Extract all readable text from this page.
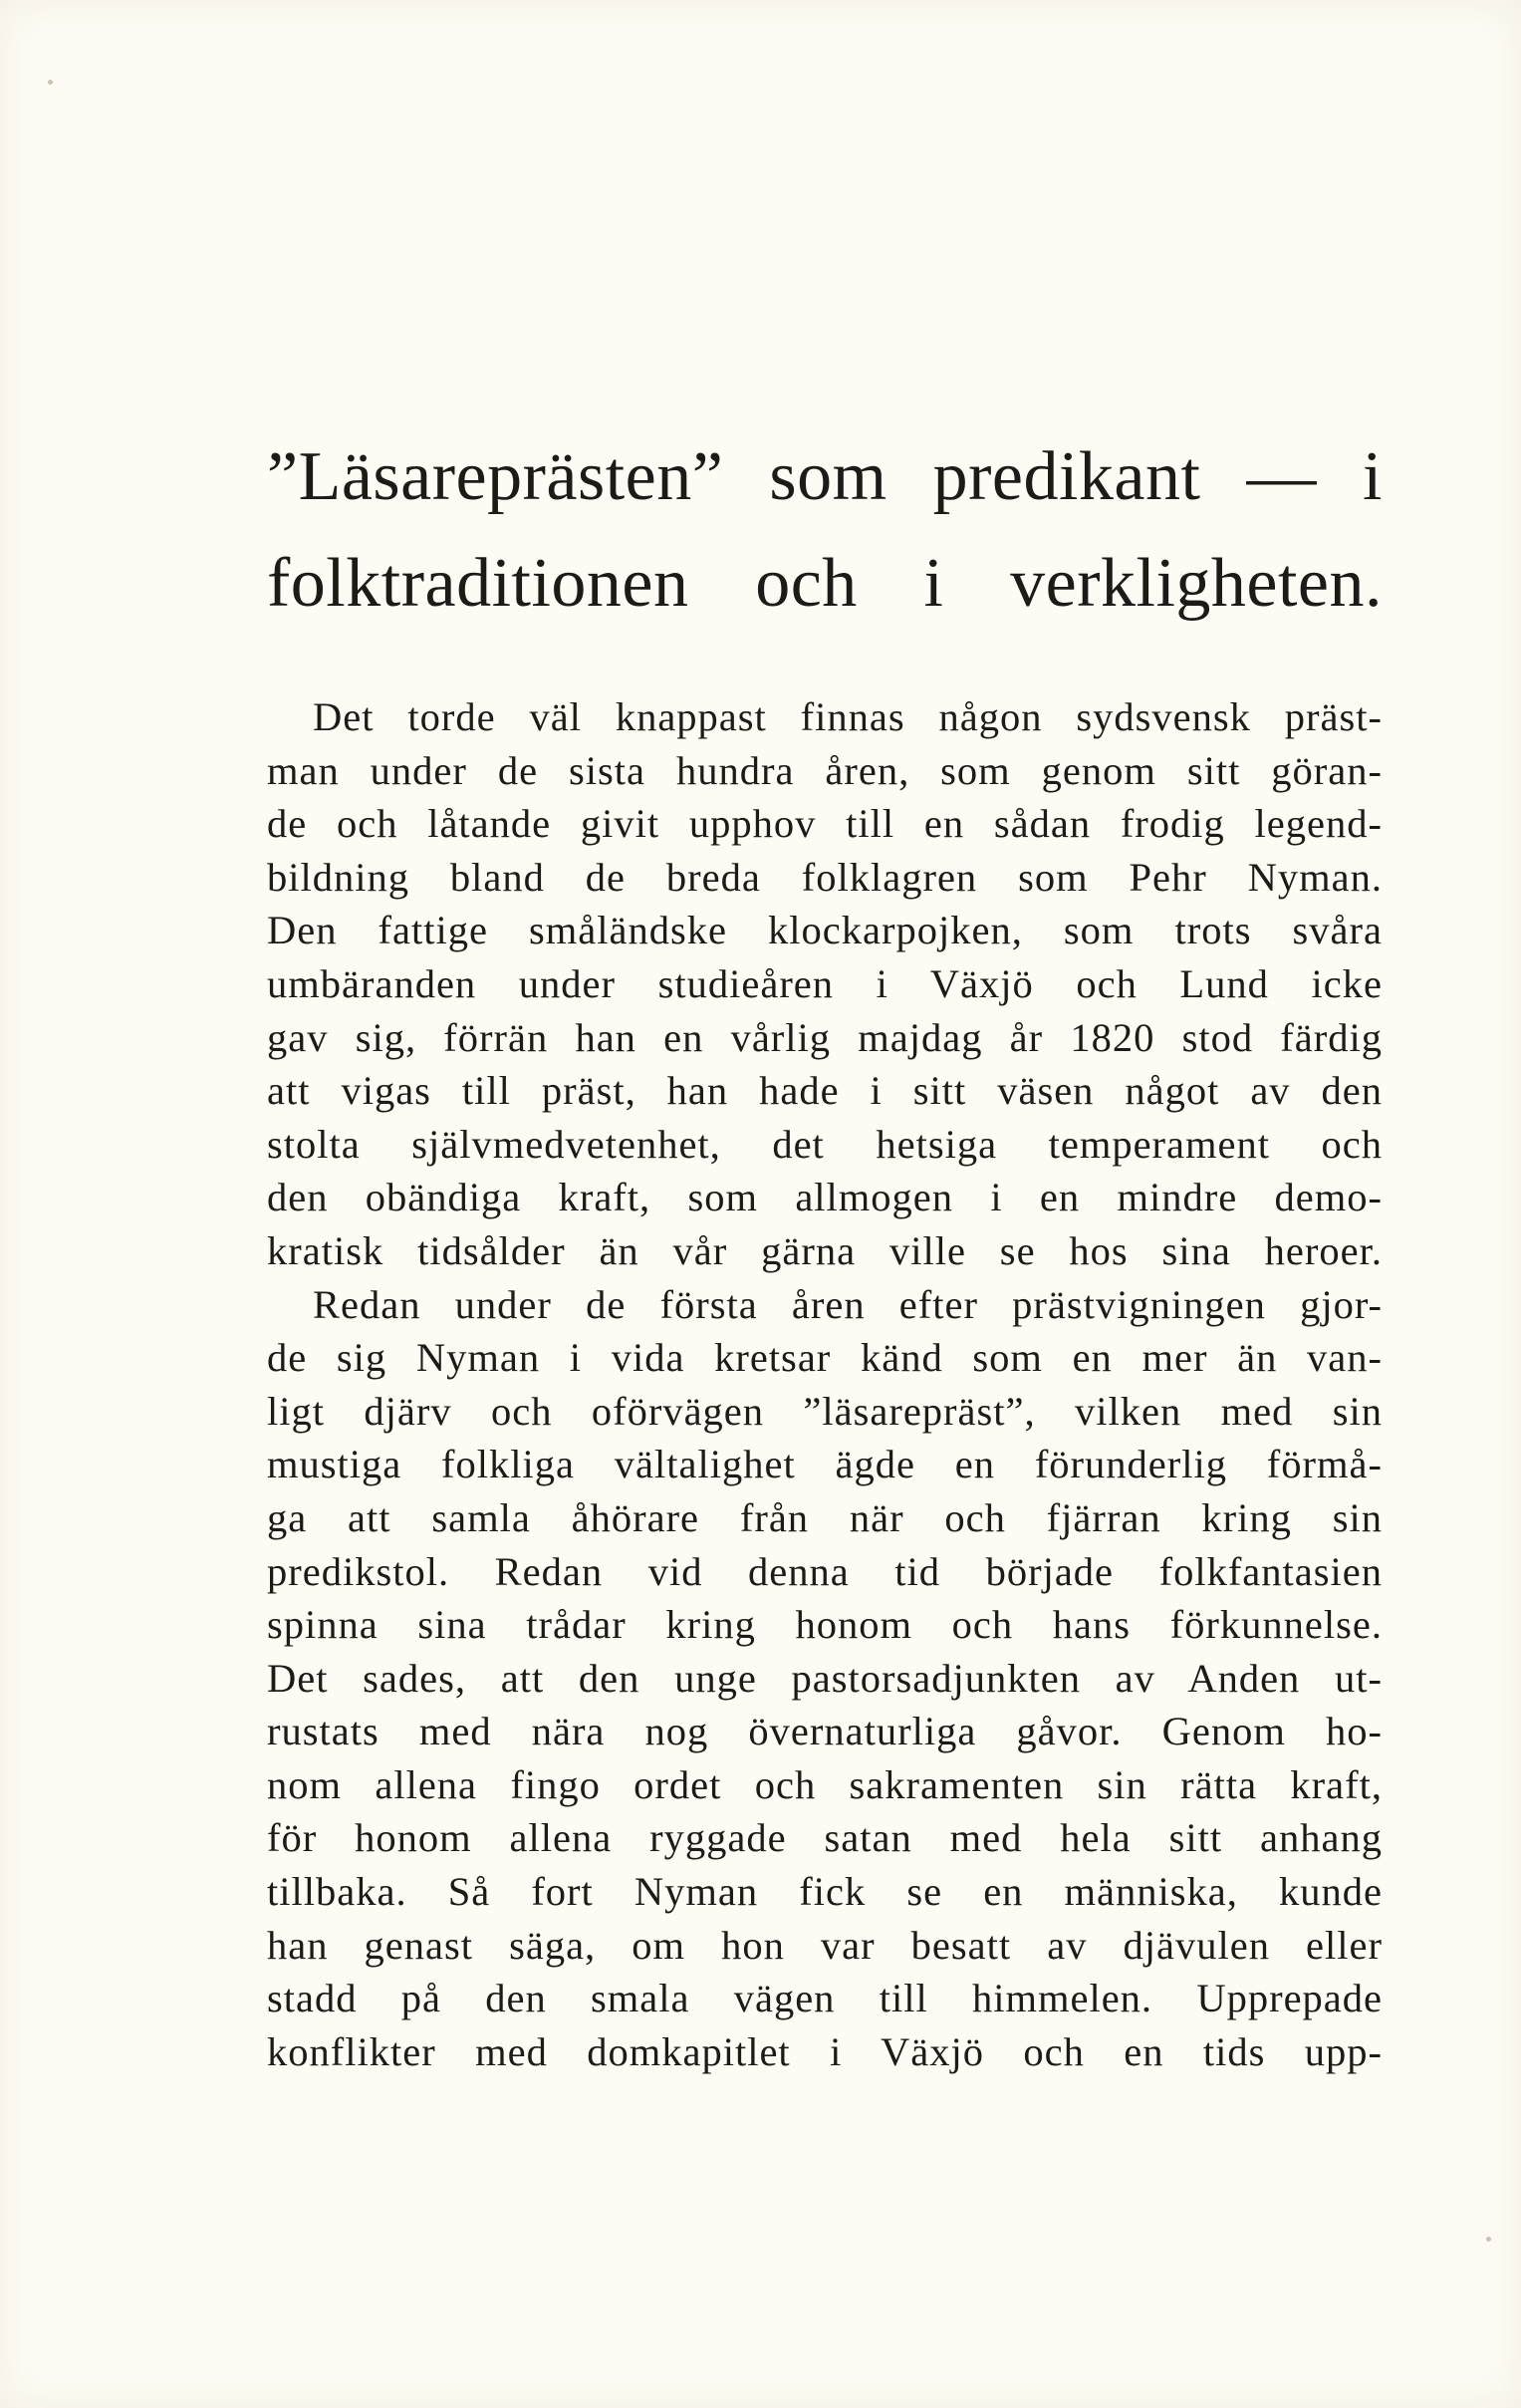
”Läsareprästen” som predikant — i
folktraditionen och i verkligheten.
Det torde väl knappast finnas någon sydsvensk präst-
man under de sista hundra åren, som genom sitt göran-
de och låtande givit upphov till en sådan frodig legend-
bildning bland de breda folklagren som Pehr Nyman.
Den fattige småländske klockarpojken, som trots svåra
umbäranden under studieåren i Växjö och Lund icke
gav sig, förrän han en vårlig majdag år 1820 stod färdig
att vigas till präst, han hade i sitt väsen något av den
stolta självmedvetenhet, det hetsiga temperament och
den obändiga kraft, som allmogen i en mindre demo-
kratisk tidsålder än vår gärna ville se hos sina heroer.
Redan under de första åren efter prästvigningen gjor-
de sig Nyman i vida kretsar känd som en mer än van-
ligt djärv och oförvägen ”läsarepräst”, vilken med sin
mustiga folkliga vältalighet ägde en förunderlig förmå-
ga att samla åhörare från när och fjärran kring sin
predikstol. Redan vid denna tid började folkfantasien
spinna sina trådar kring honom och hans förkunnelse.
Det sades, att den unge pastorsadjunkten av Anden ut-
rustats med nära nog övernaturliga gåvor. Genom ho-
nom allena fingo ordet och sakramenten sin rätta kraft,
för honom allena ryggade satan med hela sitt anhang
tillbaka. Så fort Nyman fick se en människa, kunde
han genast säga, om hon var besatt av djävulen eller
stadd på den smala vägen till himmelen. Upprepade
konflikter med domkapitlet i Växjö och en tids upp-
